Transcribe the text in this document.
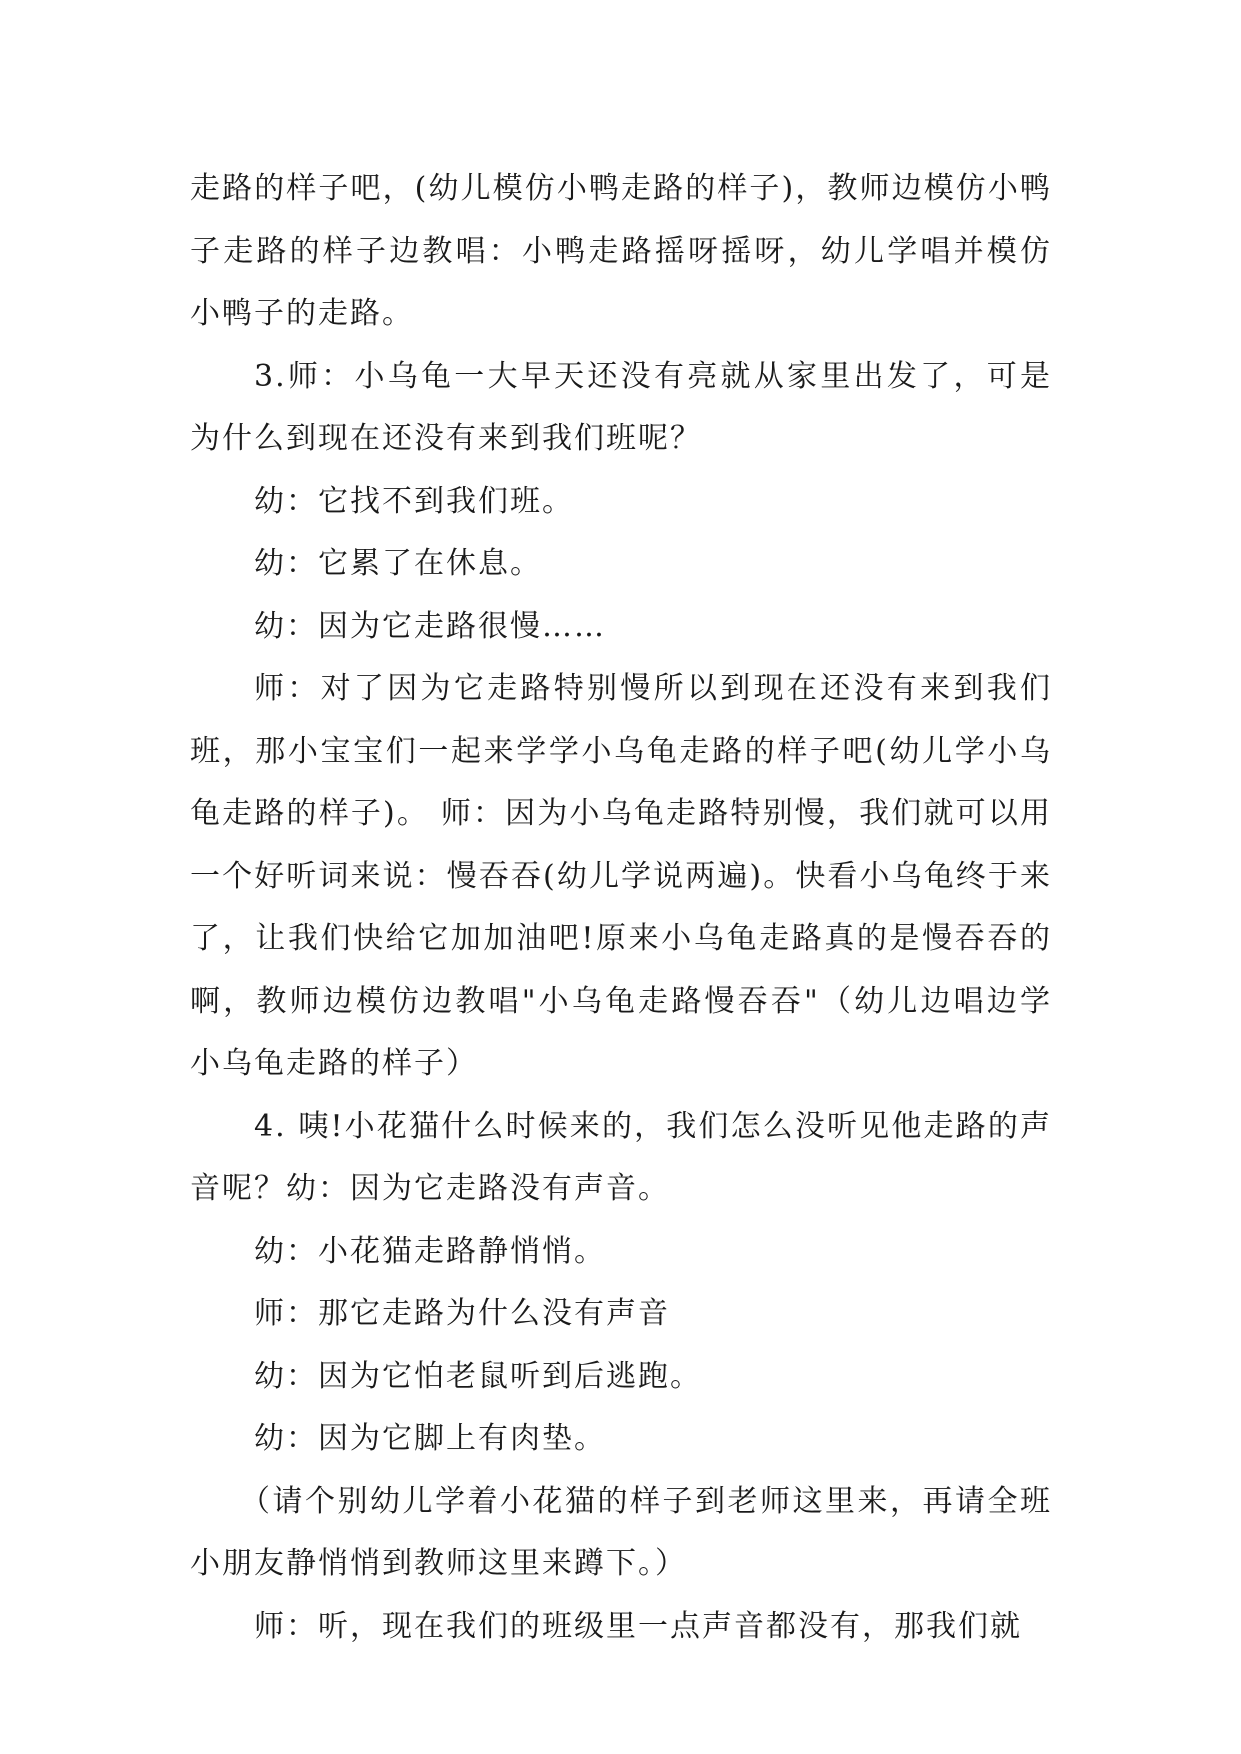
走路的样子吧，(幼儿模仿小鸭走路的样子)，教师边模仿小鸭子走路的样子边教唱：小鸭走路摇呀摇呀，幼儿学唱并模仿小鸭子的走路。

3.师：小乌龟一大早天还没有亮就从家里出发了，可是为什么到现在还没有来到我们班呢？

幼：它找不到我们班。

幼：它累了在休息。

幼：因为它走路很慢……

师：对了因为它走路特别慢所以到现在还没有来到我们班，那小宝宝们一起来学学小乌龟走路的样子吧(幼儿学小乌龟走路的样子)。 师：因为小乌龟走路特别慢，我们就可以用一个好听词来说：慢吞吞(幼儿学说两遍)。快看小乌龟终于来了，让我们快给它加加油吧!原来小乌龟走路真的是慢吞吞的啊，教师边模仿边教唱"小乌龟走路慢吞吞"（幼儿边唱边学小乌龟走路的样子）

4. 咦!小花猫什么时候来的，我们怎么没听见他走路的声音呢？幼：因为它走路没有声音。

幼：小花猫走路静悄悄。

师：那它走路为什么没有声音

幼：因为它怕老鼠听到后逃跑。

幼：因为它脚上有肉垫。

（请个别幼儿学着小花猫的样子到老师这里来，再请全班小朋友静悄悄到教师这里来蹲下。）

师：听，现在我们的班级里一点声音都没有，那我们就
